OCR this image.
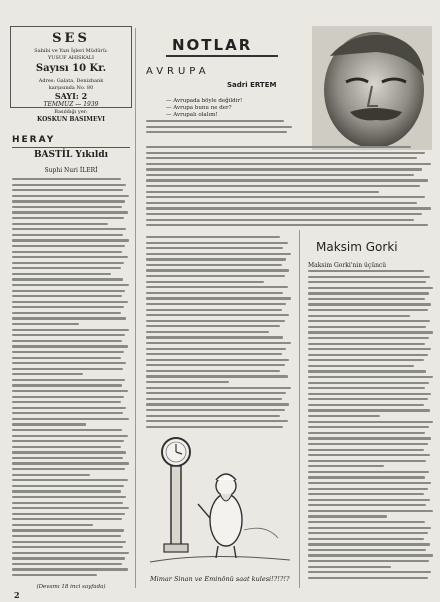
SES
Sahibi ve Yazı İşleri Müdürü:
YUSUF AHISKALI
Sayısı 10 Kr.
Adres: Galata, Denizbank
karşısında No. 80
SAYI: 2
TEMMUZ — 1939
Basıldığı yer:
KOSKUN BASIMEVI
HERAY
BASTİL Yıkıldı
Suphi Nuri İLERİ
(Devamı 18 inci sayfada)
NOTLAR
AVRUPA
Sadri ERTEM
— Avrupada böyle değildir!
— Avrupa bunu ne der?
— Avrupalı olalım!
Maksim Gorki
Maksim Gorki'nin üçüncü
Mimar Sinan ve Eminönü saat kulesi!?!?!?
2
